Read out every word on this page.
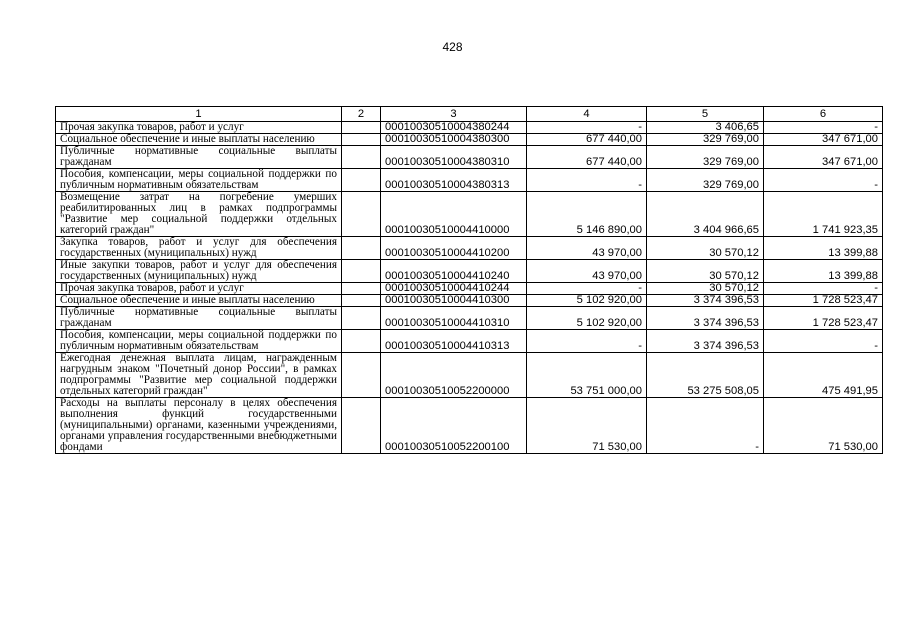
428
1	2	3	4	5	6
Прочая закупка товаров, работ и услуг		00010030510004380244	-	3 406,65	-
Социальное обеспечение и иные выплаты населению		00010030510004380300	677 440,00	329 769,00	347 671,00
Публичные нормативные социальные выплаты гражданам		00010030510004380310	677 440,00	329 769,00	347 671,00
Пособия, компенсации, меры социальной поддержки по публичным нормативным обязательствам		00010030510004380313	-	329 769,00	-
Возмещение затрат на погребение умерших реабилитированных лиц в рамках подпрограммы "Развитие мер социальной поддержки отдельных категорий граждан"		00010030510004410000	5 146 890,00	3 404 966,65	1 741 923,35
Закупка товаров, работ и услуг для обеспечения государственных (муниципальных) нужд		00010030510004410200	43 970,00	30 570,12	13 399,88
Иные закупки товаров, работ и услуг для обеспечения государственных (муниципальных) нужд		00010030510004410240	43 970,00	30 570,12	13 399,88
Прочая закупка товаров, работ и услуг		00010030510004410244	-	30 570,12	-
Социальное обеспечение и иные выплаты населению		00010030510004410300	5 102 920,00	3 374 396,53	1 728 523,47
Публичные нормативные социальные выплаты гражданам		00010030510004410310	5 102 920,00	3 374 396,53	1 728 523,47
Пособия, компенсации, меры социальной поддержки по публичным нормативным обязательствам		00010030510004410313	-	3 374 396,53	-
Ежегодная денежная выплата лицам, награжденным нагрудным знаком "Почетный донор России", в рамках подпрограммы "Развитие мер социальной поддержки отдельных категорий граждан"		00010030510052200000	53 751 000,00	53 275 508,05	475 491,95
Расходы на выплаты персоналу в целях обеспечения выполнения функций государственными (муниципальными) органами, казенными учреждениями, органами управления государственными внебюджетными фондами		00010030510052200100	71 530,00	-	71 530,00
